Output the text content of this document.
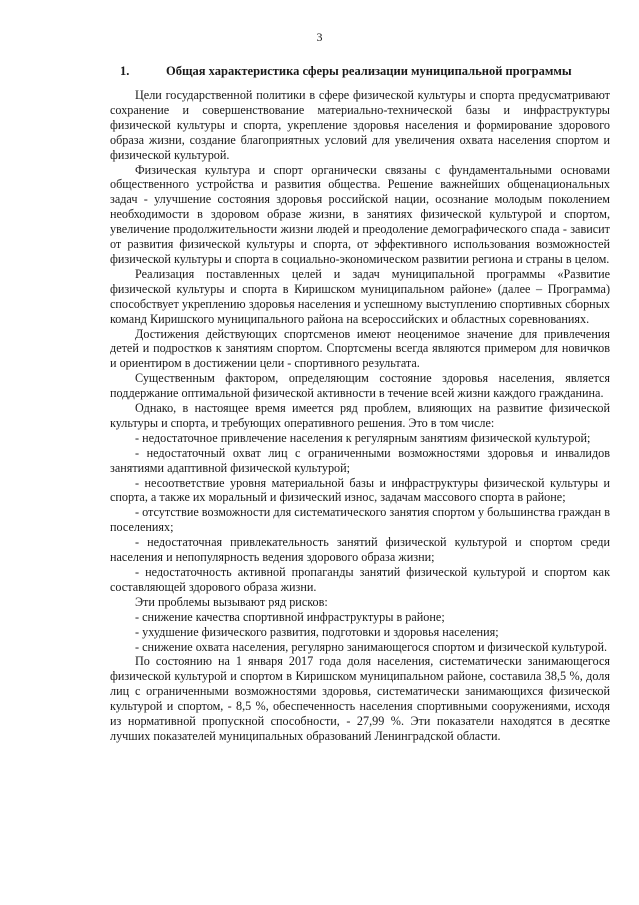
3
1.	Общая характеристика сферы реализации муниципальной программы

Цели государственной политики в сфере физической культуры и спорта предусматривают сохранение и совершенствование материально-технической базы и инфраструктуры физической культуры и спорта, укрепление здоровья населения и формирование здорового образа жизни, создание благоприятных условий для увеличения охвата населения спортом и физической культурой.

Физическая культура и спорт органически связаны с фундаментальными основами общественного устройства и развития общества. Решение важнейших общенациональных задач - улучшение состояния здоровья российской нации, осознание молодым поколением необходимости в здоровом образе жизни, в занятиях физической культурой и спортом, увеличение продолжительности жизни людей и преодоление демографического спада - зависит от развития физической культуры и спорта, от эффективного использования возможностей физической культуры и спорта в социально-экономическом развитии региона и страны в целом.

Реализация поставленных целей и задач муниципальной программы «Развитие физической культуры и спорта в Киришском муниципальном районе» (далее – Программа) способствует укреплению здоровья населения и успешному выступлению спортивных сборных команд Киришского муниципального района на всероссийских и областных соревнованиях.

Достижения действующих спортсменов имеют неоценимое значение для привлечения детей и подростков к занятиям спортом. Спортсмены всегда являются примером для новичков и ориентиром в достижении цели - спортивного результата.

Существенным фактором, определяющим состояние здоровья населения, является поддержание оптимальной физической активности в течение всей жизни каждого гражданина.

Однако, в настоящее время имеется ряд проблем, влияющих на развитие физической культуры и спорта, и требующих оперативного решения. Это в том числе:

- недостаточное привлечение населения к регулярным занятиям физической культурой;

- недостаточный охват лиц с ограниченными возможностями здоровья и инвалидов занятиями адаптивной физической культурой;

- несоответствие уровня материальной базы и инфраструктуры физической культуры и спорта, а также их моральный и физический износ, задачам массового спорта в районе;

- отсутствие возможности для систематического занятия спортом у большинства граждан в поселениях;

- недостаточная привлекательность занятий физической культурой и спортом среди населения и непопулярность ведения здорового образа жизни;

- недостаточность активной пропаганды занятий физической культурой и спортом как составляющей здорового образа жизни.

Эти проблемы вызывают ряд рисков:

- снижение качества спортивной инфраструктуры в районе;

- ухудшение физического развития, подготовки и здоровья населения;

- снижение охвата населения, регулярно занимающегося спортом и физической культурой.

По состоянию на 1 января 2017 года доля населения, систематически занимающегося физической культурой и спортом в Киришском муниципальном районе, составила 38,5 %, доля лиц с ограниченными возможностями здоровья, систематически занимающихся физической культурой и спортом, - 8,5 %, обеспеченность населения спортивными сооружениями, исходя из нормативной пропускной способности, - 27,99 %. Эти показатели находятся в десятке лучших показателей муниципальных образований Ленинградской области.
